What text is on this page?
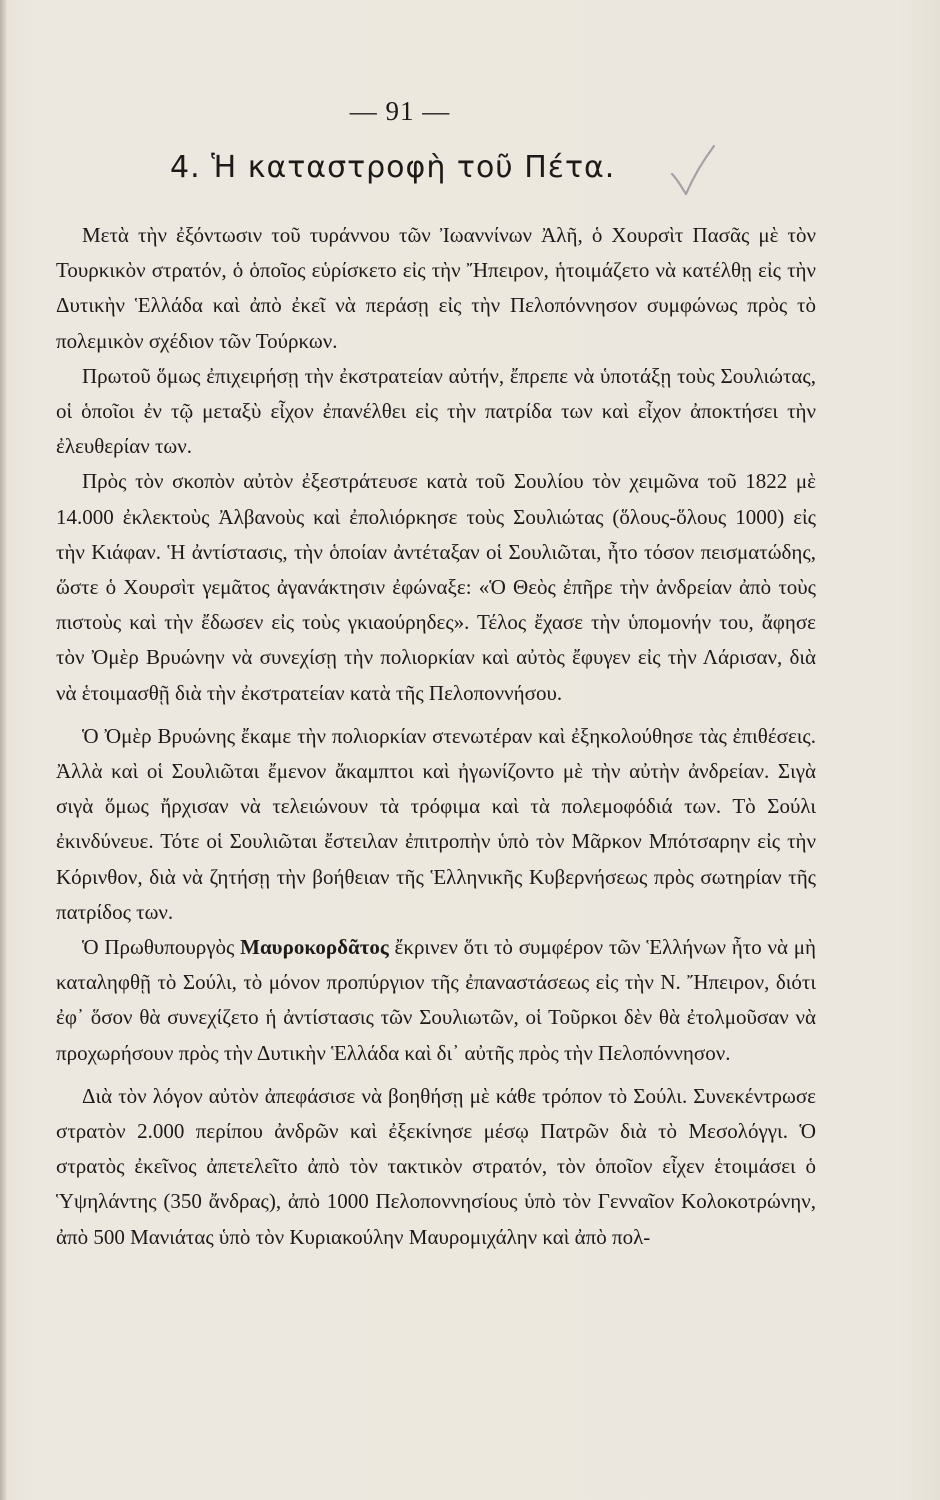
— 91 —
4. Ἡ καταστροφὴ τοῦ Πέτα.

Μετὰ τὴν ἐξόντωσιν τοῦ τυράννου τῶν Ἰωαννίνων Ἀλῆ, ὁ Χουρσὶτ Πασᾶς μὲ τὸν Τουρκικὸν στρατόν, ὁ ὁποῖος εὑρίσκετο εἰς τὴν Ἤπειρον, ἡτοιμάζετο νὰ κατέλθῃ εἰς τὴν Δυτικὴν Ἑλλάδα καὶ ἀπὸ ἐκεῖ νὰ περάσῃ εἰς τὴν Πελοπόννησον συμφώνως πρὸς τὸ πολεμικὸν σχέδιον τῶν Τούρκων.

Πρωτοῦ ὅμως ἐπιχειρήσῃ τὴν ἐκστρατείαν αὐτήν, ἔπρεπε νὰ ὑποτάξῃ τοὺς Σουλιώτας, οἱ ὁποῖοι ἐν τῷ μεταξὺ εἶχον ἐπανέλθει εἰς τὴν πατρίδα των καὶ εἶχον ἀποκτήσει τὴν ἐλευθερίαν των.

Πρὸς τὸν σκοπὸν αὐτὸν ἐξεστράτευσε κατὰ τοῦ Σουλίου τὸν χειμῶνα τοῦ 1822 μὲ 14.000 ἐκλεκτοὺς Ἀλβανοὺς καὶ ἐπολιόρκησε τοὺς Σουλιώτας (ὅλους-ὅλους 1000) εἰς τὴν Κιάφαν. Ἡ ἀντίστασις, τὴν ὁποίαν ἀντέταξαν οἱ Σουλιῶται, ἦτο τόσον πεισματώδης, ὥστε ὁ Χουρσὶτ γεμᾶτος ἀγανάκτησιν ἐφώναξε: «Ὁ Θεὸς ἐπῆρε τὴν ἀνδρείαν ἀπὸ τοὺς πιστοὺς καὶ τὴν ἔδωσεν εἰς τοὺς γκιαούρηδες». Τέλος ἔχασε τὴν ὑπομονήν του, ἄφησε τὸν Ὀμὲρ Βρυώνην νὰ συνεχίσῃ τὴν πολιορκίαν καὶ αὐτὸς ἔφυγεν εἰς τὴν Λάρισαν, διὰ νὰ ἑτοιμασθῇ διὰ τὴν ἐκστρατείαν κατὰ τῆς Πελοποννήσου.

Ὁ Ὀμὲρ Βρυώνης ἔκαμε τὴν πολιορκίαν στενωτέραν καὶ ἐξηκολούθησε τὰς ἐπιθέσεις. Ἀλλὰ καὶ οἱ Σουλιῶται ἔμενον ἄκαμπτοι καὶ ἠγωνίζοντο μὲ τὴν αὐτὴν ἀνδρείαν. Σιγὰ σιγὰ ὅμως ἤρχισαν νὰ τελειώνουν τὰ τρόφιμα καὶ τὰ πολεμοφόδιά των. Τὸ Σούλι ἐκινδύνευε. Τότε οἱ Σουλιῶται ἔστειλαν ἐπιτροπὴν ὑπὸ τὸν Μᾶρκον Μπότσαρην εἰς τὴν Κόρινθον, διὰ νὰ ζητήσῃ τὴν βοήθειαν τῆς Ἑλληνικῆς Κυβερνήσεως πρὸς σωτηρίαν τῆς πατρίδος των.

Ὁ Πρωθυπουργὸς Μαυροκορδᾶτος ἔκρινεν ὅτι τὸ συμφέρον τῶν Ἑλλήνων ἦτο νὰ μὴ καταληφθῇ τὸ Σούλι, τὸ μόνον προπύργιον τῆς ἐπαναστάσεως εἰς τὴν Ν. Ἤπειρον, διότι ἐφ᾽ ὅσον θὰ συνεχίζετο ἡ ἀντίστασις τῶν Σουλιωτῶν, οἱ Τοῦρκοι δὲν θὰ ἐτολμοῦσαν νὰ προχωρήσουν πρὸς τὴν Δυτικὴν Ἑλλάδα καὶ δι᾽ αὐτῆς πρὸς τὴν Πελοπόννησον.

Διὰ τὸν λόγον αὐτὸν ἀπεφάσισε νὰ βοηθήσῃ μὲ κάθε τρόπον τὸ Σούλι. Συνεκέντρωσε στρατὸν 2.000 περίπου ἀνδρῶν καὶ ἐξεκίνησε μέσῳ Πατρῶν διὰ τὸ Μεσολόγγι. Ὁ στρατὸς ἐκεῖνος ἀπετελεῖτο ἀπὸ τὸν τακτικὸν στρατόν, τὸν ὁποῖον εἶχεν ἑτοιμάσει ὁ Ὑψηλάντης (350 ἄνδρας), ἀπὸ 1000 Πελοποννησίους ὑπὸ τὸν Γενναῖον Κολοκοτρώνην, ἀπὸ 500 Μανιάτας ὑπὸ τὸν Κυριακούλην Μαυρομιχάλην καὶ ἀπὸ πολ-
